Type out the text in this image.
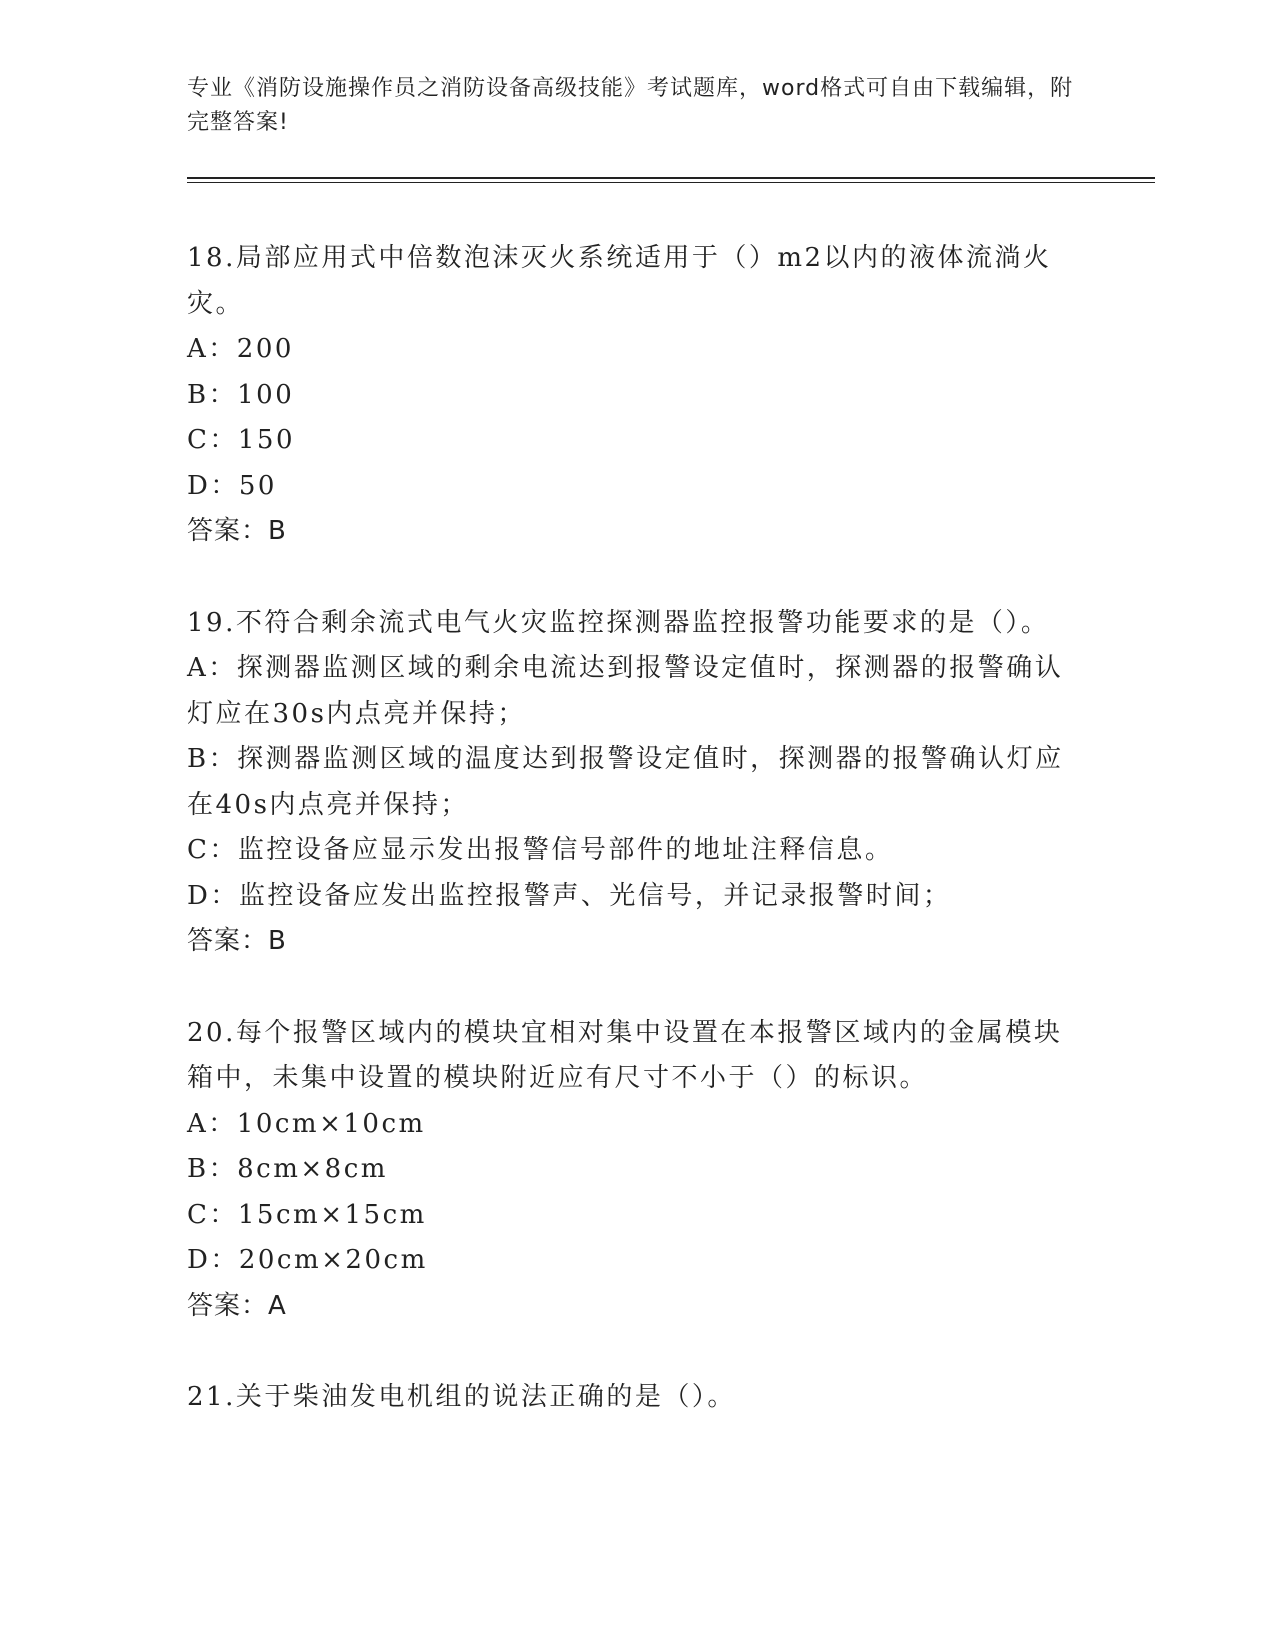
专业《消防设施操作员之消防设备高级技能》考试题库，word格式可自由下载编辑，附完整答案!
18.局部应用式中倍数泡沫灭火系统适用于（）m2以内的液体流淌火灾。
A：200
B：100
C：150
D：50
答案：B
19.不符合剩余流式电气火灾监控探测器监控报警功能要求的是（）。
A：探测器监测区域的剩余电流达到报警设定值时，探测器的报警确认灯应在30s内点亮并保持；
B：探测器监测区域的温度达到报警设定值时，探测器的报警确认灯应在40s内点亮并保持；
C：监控设备应显示发出报警信号部件的地址注释信息。
D：监控设备应发出监控报警声、光信号，并记录报警时间；
答案：B
20.每个报警区域内的模块宜相对集中设置在本报警区域内的金属模块箱中，未集中设置的模块附近应有尺寸不小于（）的标识。
A：10cm×10cm
B：8cm×8cm
C：15cm×15cm
D：20cm×20cm
答案：A
21.关于柴油发电机组的说法正确的是（）。
